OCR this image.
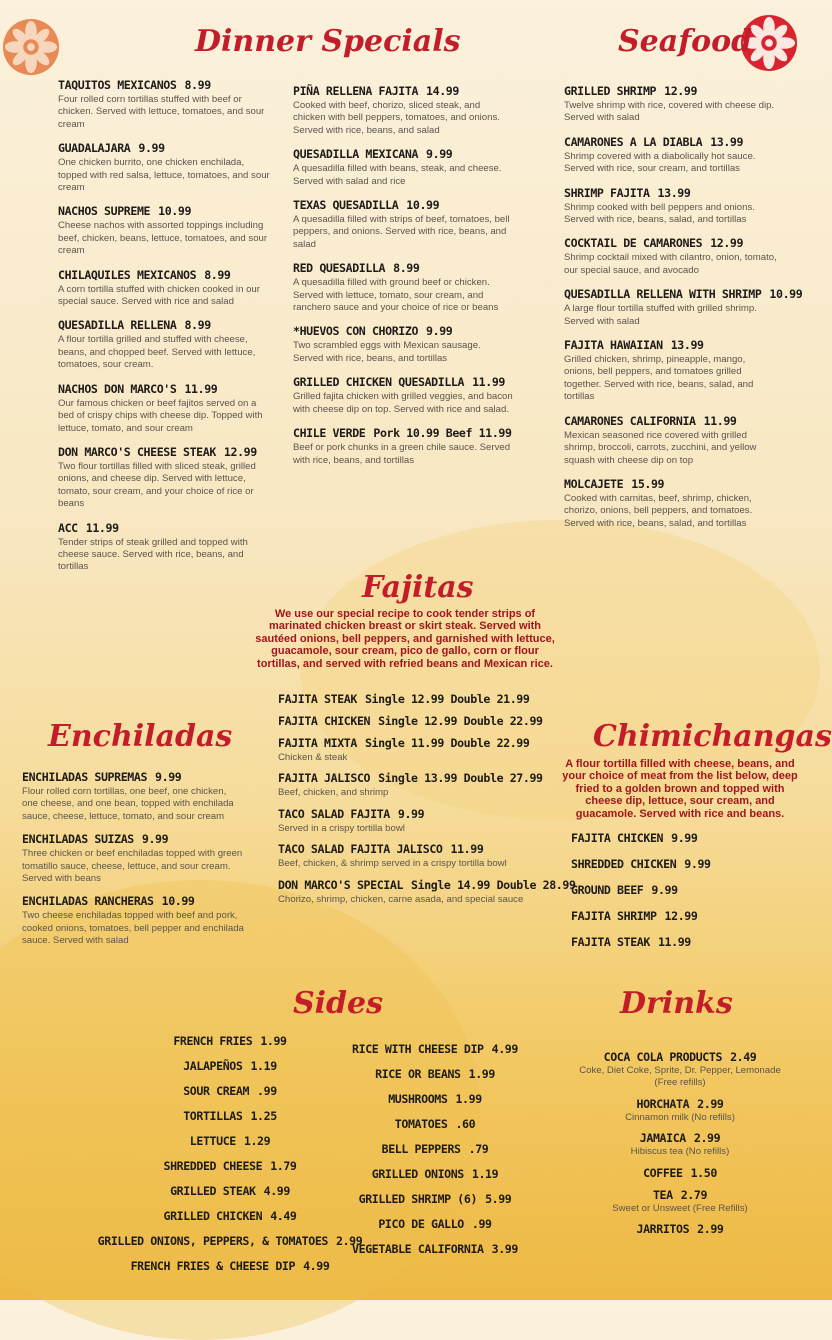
Dinner Specials	Seafood
Fajitas
Enchiladas	Chimichangas
Sides	Drinks

We use our special recipe to cook tender strips of marinated chicken breast or skirt steak. Served with sautéed onions, bell peppers, and garnished with lettuce, guacamole, sour cream, pico de gallo, corn or flour tortillas, and served with refried beans and Mexican rice.

A flour tortilla filled with cheese, beans, and your choice of meat from the list below, deep fried to a golden brown and topped with cheese dip, lettuce, sour cream, and guacamole. Served with rice and beans.

TAQUITOS MEXICANOS 8.99
Four rolled corn tortillas stuffed with beef or chicken. Served with lettuce, tomatoes, and sour cream
GUADALAJARA 9.99
One chicken burrito, one chicken enchilada, topped with red salsa, lettuce, tomatoes, and sour cream
NACHOS SUPREME 10.99
Cheese nachos with assorted toppings including beef, chicken, beans, lettuce, tomatoes, and sour cream
CHILAQUILES MEXICANOS 8.99
A corn tortilla stuffed with chicken cooked in our special sauce. Served with rice and salad
QUESADILLA RELLENA 8.99
A flour tortilla grilled and stuffed with cheese, beans, and chopped beef. Served with lettuce, tomatoes, sour cream.
NACHOS DON MARCO'S 11.99
Our famous chicken or beef fajitos served on a bed of crispy chips with cheese dip. Topped with lettuce, tomato, and sour cream
DON MARCO'S CHEESE STEAK 12.99
Two flour tortillas filled with sliced steak, grilled onions, and cheese dip. Served with lettuce, tomato, sour cream, and your choice of rice or beans
ACC 11.99
Tender strips of steak grilled and topped with cheese sauce. Served with rice, beans, and tortillas
PIÑA RELLENA FAJITA 14.99
Cooked with beef, chorizo, sliced steak, and chicken with bell peppers, tomatoes, and onions. Served with rice, beans, and salad
QUESADILLA MEXICANA 9.99
A quesadilla filled with beans, steak, and cheese. Served with salad and rice
TEXAS QUESADILLA 10.99
A quesadilla filled with strips of beef, tomatoes, bell peppers, and onions. Served with rice, beans, and salad
RED QUESADILLA 8.99
A quesadilla filled with ground beef or chicken. Served with lettuce, tomato, sour cream, and ranchero sauce and your choice of rice or beans
*HUEVOS CON CHORIZO 9.99
Two scrambled eggs with Mexican sausage. Served with rice, beans, and tortillas
GRILLED CHICKEN QUESADILLA 11.99
Grilled fajita chicken with grilled veggies, and bacon with cheese dip on top. Served with rice and salad.
CHILE VERDE Pork 10.99 Beef 11.99
Beef or pork chunks in a green chile sauce. Served with rice, beans, and tortillas
GRILLED SHRIMP 12.99
Twelve shrimp with rice, covered with cheese dip. Served with salad
CAMARONES A LA DIABLA 13.99
Shrimp covered with a diabolically hot sauce. Served with rice, sour cream, and tortillas
SHRIMP FAJITA 13.99
Shrimp cooked with bell peppers and onions. Served with rice, beans, salad, and tortillas
COCKTAIL DE CAMARONES 12.99
Shrimp cocktail mixed with cilantro, onion, tomato, our special sauce, and avocado
QUESADILLA RELLENA WITH SHRIMP 10.99
A large flour tortilla stuffed with grilled shrimp. Served with salad
FAJITA HAWAIIAN 13.99
Grilled chicken, shrimp, pineapple, mango, onions, bell peppers, and tomatoes grilled together. Served with rice, beans, salad, and tortillas
CAMARONES CALIFORNIA 11.99
Mexican seasoned rice covered with grilled shrimp, broccoli, carrots, zucchini, and yellow squash with cheese dip on top
MOLCAJETE 15.99
Cooked with carnitas, beef, shrimp, chicken, chorizo, onions, bell peppers, and tomatoes. Served with rice, beans, salad, and tortillas
FAJITA STEAK Single 12.99 Double 21.99
FAJITA CHICKEN Single 12.99 Double 22.99
FAJITA MIXTA Single 11.99 Double 22.99
Chicken & steak
FAJITA JALISCO Single 13.99 Double 27.99
Beef, chicken, and shrimp
TACO SALAD FAJITA 9.99
Served in a crispy tortilla bowl
TACO SALAD FAJITA JALISCO 11.99
Beef, chicken, & shrimp served in a crispy tortilla bowl
DON MARCO'S SPECIAL Single 14.99 Double 28.99
Chorizo, shrimp, chicken, carne asada, and special sauce
ENCHILADAS SUPREMAS 9.99
Flour rolled corn tortillas, one beef, one chicken, one cheese, and one bean, topped with enchilada sauce, cheese, lettuce, tomato, and sour cream
ENCHILADAS SUIZAS 9.99
Three chicken or beef enchiladas topped with green tomatillo sauce, cheese, lettuce, and sour cream. Served with beans
ENCHILADAS RANCHERAS 10.99
Two cheese enchiladas topped with beef and pork, cooked onions, tomatoes, bell pepper and enchilada sauce. Served with salad
FAJITA CHICKEN 9.99
SHREDDED CHICKEN 9.99
GROUND BEEF 9.99
FAJITA SHRIMP 12.99
FAJITA STEAK 11.99
FRENCH FRIES 1.99
JALAPEÑOS 1.19
SOUR CREAM .99
TORTILLAS 1.25
LETTUCE 1.29
SHREDDED CHEESE 1.79
GRILLED STEAK 4.99
GRILLED CHICKEN 4.49
GRILLED ONIONS, PEPPERS, & TOMATOES 2.99
FRENCH FRIES & CHEESE DIP 4.99
RICE WITH CHEESE DIP 4.99
RICE OR BEANS 1.99
MUSHROOMS 1.99
TOMATOES .60
BELL PEPPERS .79
GRILLED ONIONS 1.19
GRILLED SHRIMP (6) 5.99
PICO DE GALLO .99
VEGETABLE CALIFORNIA 3.99
COCA COLA PRODUCTS 2.49
Coke, Diet Coke, Sprite, Dr. Pepper, Lemonade (Free refills)
HORCHATA 2.99
Cinnamon milk (No refills)
JAMAICA 2.99
Hibiscus tea (No refills)
COFFEE 1.50
TEA 2.79
Sweet or Unsweet (Free Refills)
JARRITOS 2.99
